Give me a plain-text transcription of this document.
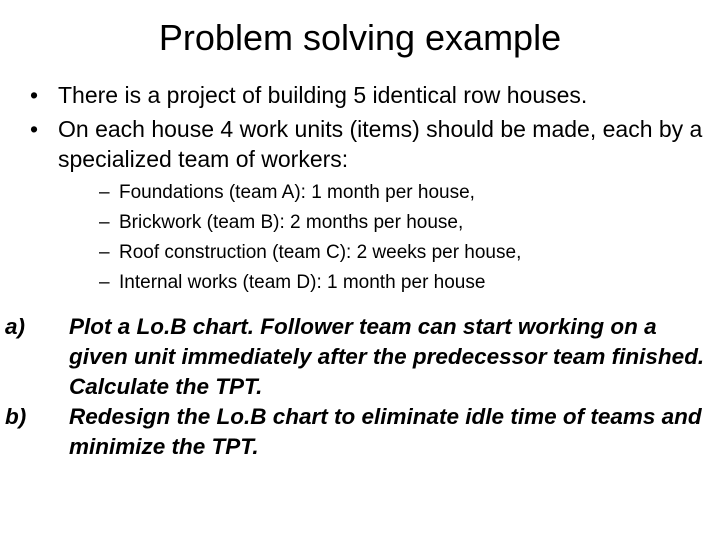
Problem solving example
• There is a project of building 5 identical row houses.
• On each house 4 work units (items) should be made, each by a specialized team of workers:
– Foundations (team A): 1 month per house,
– Brickwork (team B): 2 months per house,
– Roof construction (team C): 2 weeks per house,
– Internal works (team D): 1 month per house
a) Plot a Lo.B chart. Follower team can start working on a given unit immediately after the predecessor team finished. Calculate the TPT.
b) Redesign the Lo.B chart to eliminate idle time of teams and minimize the TPT.
